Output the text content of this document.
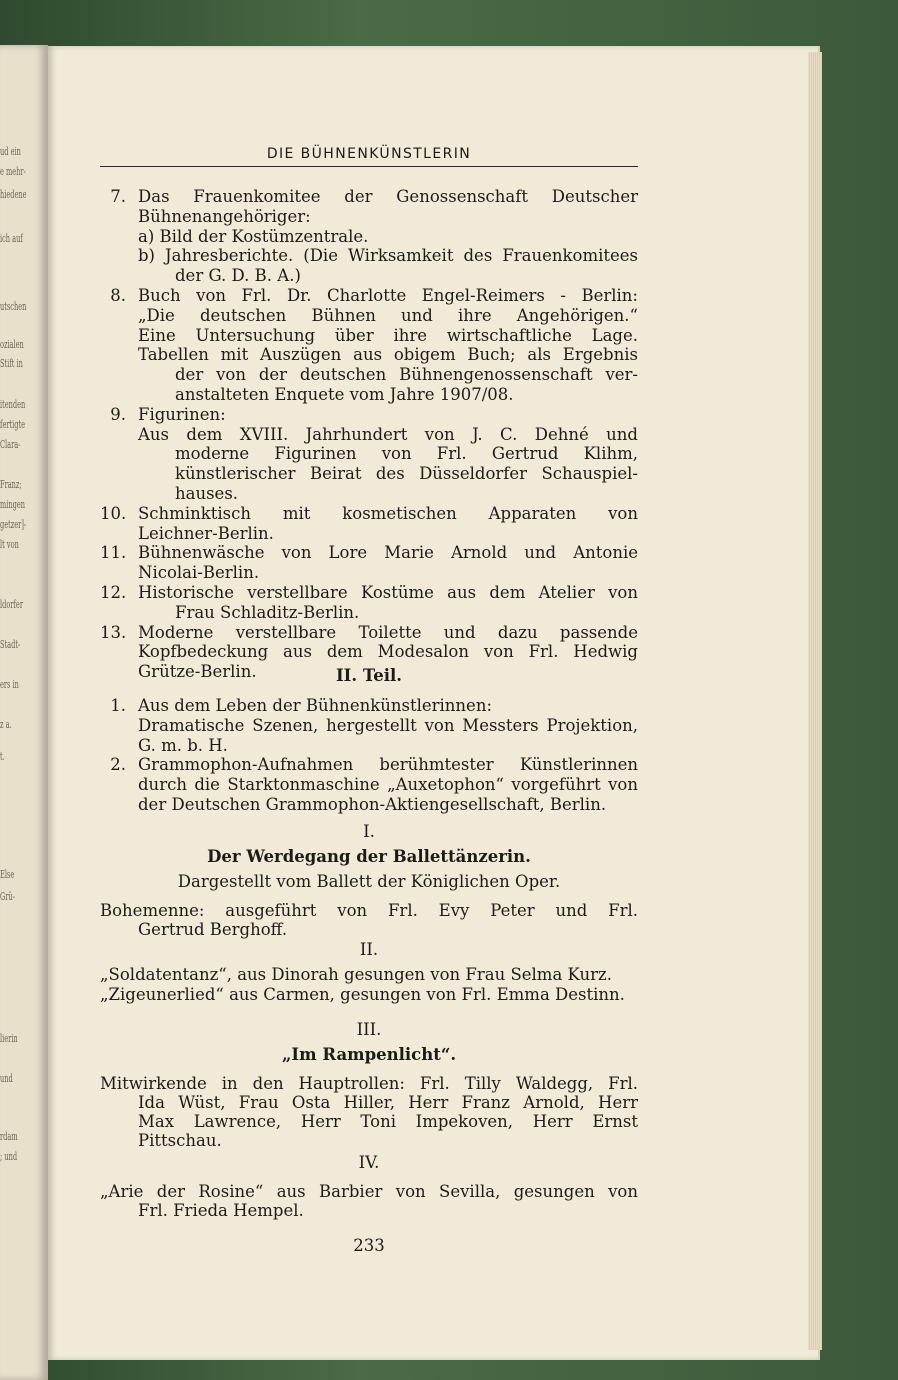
ud ein
e mehr-
hiedene
ich auf
utschen
ozialen
Stift in
itenden
fertigte
Clara-
Franz;
mingen
getzer]-
lt von
ldorfer
Stadt-
ers in
z a.
t.
Else
Grü-
lierin
und
rdam
; und
DIE BÜHNENKÜNSTLERIN
7. Das Frauenkomitee der Genossenschaft Deutscher
Bühnenangehöriger:
a) Bild der Kostümzentrale.
b) Jahresberichte. (Die Wirksamkeit des Frauenkomitees
der G. D. B. A.)
8. Buch von Frl. Dr. Charlotte Engel-Reimers - Berlin:
„Die deutschen Bühnen und ihre Angehörigen.“
Eine Untersuchung über ihre wirtschaftliche Lage.
Tabellen mit Auszügen aus obigem Buch; als Ergebnis
der von der deutschen Bühnengenossenschaft ver-
anstalteten Enquete vom Jahre 1907/08.
9. Figurinen:
Aus dem XVIII. Jahrhundert von J. C. Dehné und
moderne Figurinen von Frl. Gertrud Klihm,
künstlerischer Beirat des Düsseldorfer Schauspiel-
hauses.
10. Schminktisch mit kosmetischen Apparaten von
Leichner-Berlin.
11. Bühnenwäsche von Lore Marie Arnold und Antonie
Nicolai-Berlin.
12. Historische verstellbare Kostüme aus dem Atelier von
Frau Schladitz-Berlin.
13. Moderne verstellbare Toilette und dazu passende
Kopfbedeckung aus dem Modesalon von Frl. Hedwig
Grütze-Berlin.	II. Teil.
1. Aus dem Leben der Bühnenkünstlerinnen:
Dramatische Szenen, hergestellt von Messters Projektion,
G. m. b. H.
2. Grammophon-Aufnahmen berühmtester Künstlerinnen
durch die Starktonmaschine „Auxetophon“ vorgeführt von
der Deutschen Grammophon-Aktiengesellschaft, Berlin.
I.
Der Werdegang der Ballettänzerin.
Dargestellt vom Ballett der Königlichen Oper.
Bohemenne: ausgeführt von Frl. Evy Peter und Frl.
Gertrud Berghoff.
II.
„Soldatentanz“, aus Dinorah gesungen von Frau Selma Kurz.
„Zigeunerlied“ aus Carmen, gesungen von Frl. Emma Destinn.
III.
„Im Rampenlicht“.
Mitwirkende in den Hauptrollen: Frl. Tilly Waldegg, Frl.
Ida Wüst, Frau Osta Hiller, Herr Franz Arnold, Herr
Max Lawrence, Herr Toni Impekoven, Herr Ernst
Pittschau.
IV.
„Arie der Rosine“ aus Barbier von Sevilla, gesungen von
Frl. Frieda Hempel.
233
